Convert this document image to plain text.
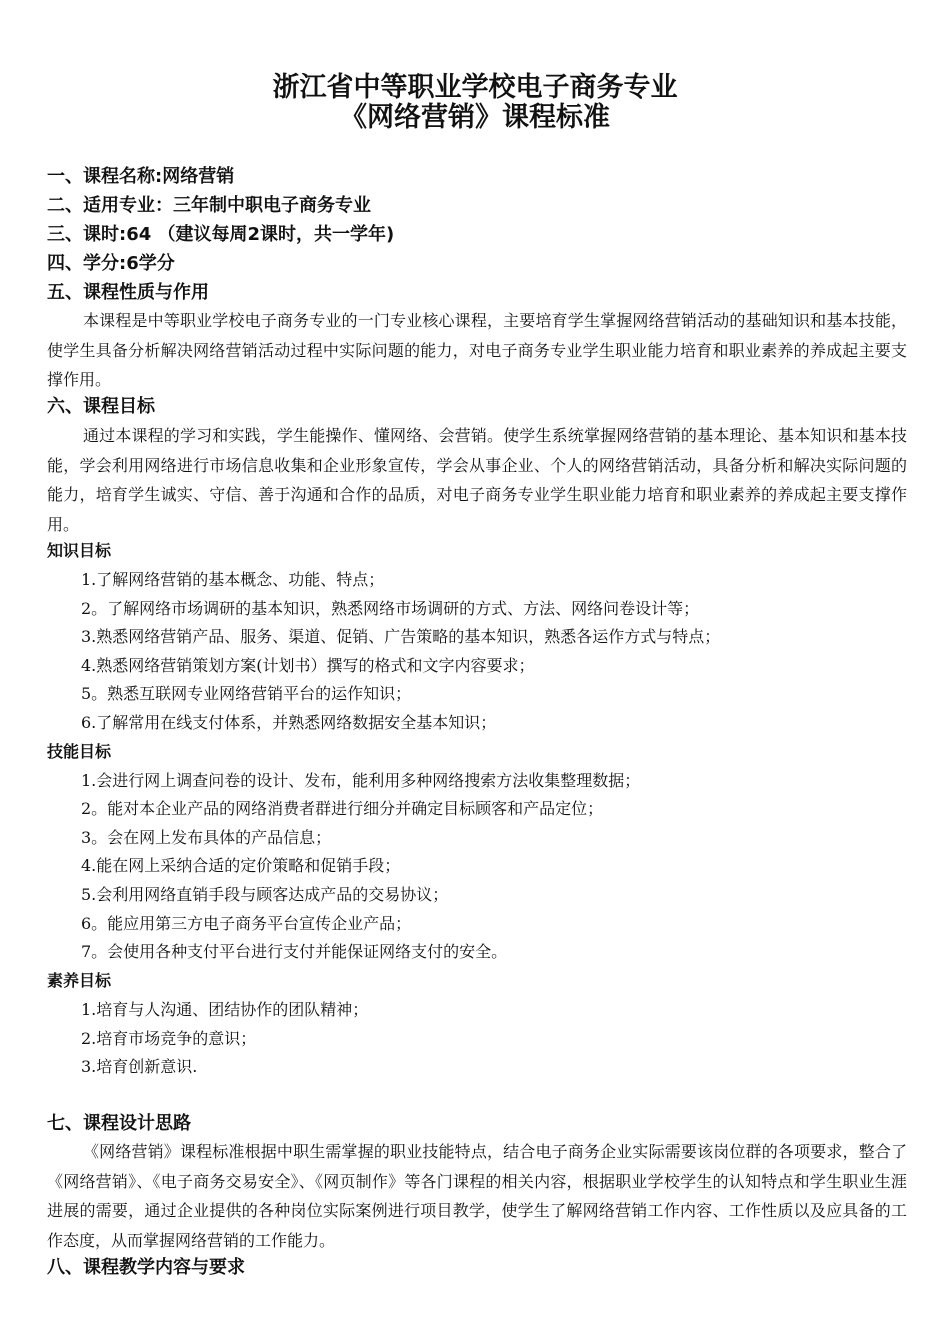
浙江省中等职业学校电子商务专业
《网络营销》课程标准
一、课程名称:网络营销
二、适用专业：三年制中职电子商务专业
三、课时:64 （建议每周2课时，共一学年)
四、学分:6学分
五、课程性质与作用

本课程是中等职业学校电子商务专业的一门专业核心课程，主要培育学生掌握网络营销活动的基础知识和基本技能，使学生具备分析解决网络营销活动过程中实际问题的能力，对电子商务专业学生职业能力培育和职业素养的养成起主要支撑作用。

六、课程目标

通过本课程的学习和实践，学生能操作、懂网络、会营销。使学生系统掌握网络营销的基本理论、基本知识和基本技能，学会利用网络进行市场信息收集和企业形象宣传，学会从事企业、个人的网络营销活动，具备分析和解决实际问题的能力，培育学生诚实、守信、善于沟通和合作的品质，对电子商务专业学生职业能力培育和职业素养的养成起主要支撑作用。

知识目标
1.了解网络营销的基本概念、功能、特点；
2。了解网络市场调研的基本知识，熟悉网络市场调研的方式、方法、网络问卷设计等；
3.熟悉网络营销产品、服务、渠道、促销、广告策略的基本知识，熟悉各运作方式与特点；
4.熟悉网络营销策划方案(计划书）撰写的格式和文字内容要求；
5。熟悉互联网专业网络营销平台的运作知识；
6.了解常用在线支付体系，并熟悉网络数据安全基本知识；
技能目标
1.会进行网上调查问卷的设计、发布，能利用多种网络搜索方法收集整理数据；
2。能对本企业产品的网络消费者群进行细分并确定目标顾客和产品定位；
3。会在网上发布具体的产品信息；
4.能在网上采纳合适的定价策略和促销手段；
5.会利用网络直销手段与顾客达成产品的交易协议；
6。能应用第三方电子商务平台宣传企业产品；
7。会使用各种支付平台进行支付并能保证网络支付的安全。
素养目标
1.培育与人沟通、团结协作的团队精神；
2.培育市场竞争的意识；
3.培育创新意识.
七、课程设计思路

《网络营销》课程标准根据中职生需掌握的职业技能特点，结合电子商务企业实际需要该岗位群的各项要求，整合了《网络营销》、《电子商务交易安全》、《网页制作》等各门课程的相关内容，根据职业学校学生的认知特点和学生职业生涯进展的需要，通过企业提供的各种岗位实际案例进行项目教学，使学生了解网络营销工作内容、工作性质以及应具备的工作态度，从而掌握网络营销的工作能力。

八、课程教学内容与要求
